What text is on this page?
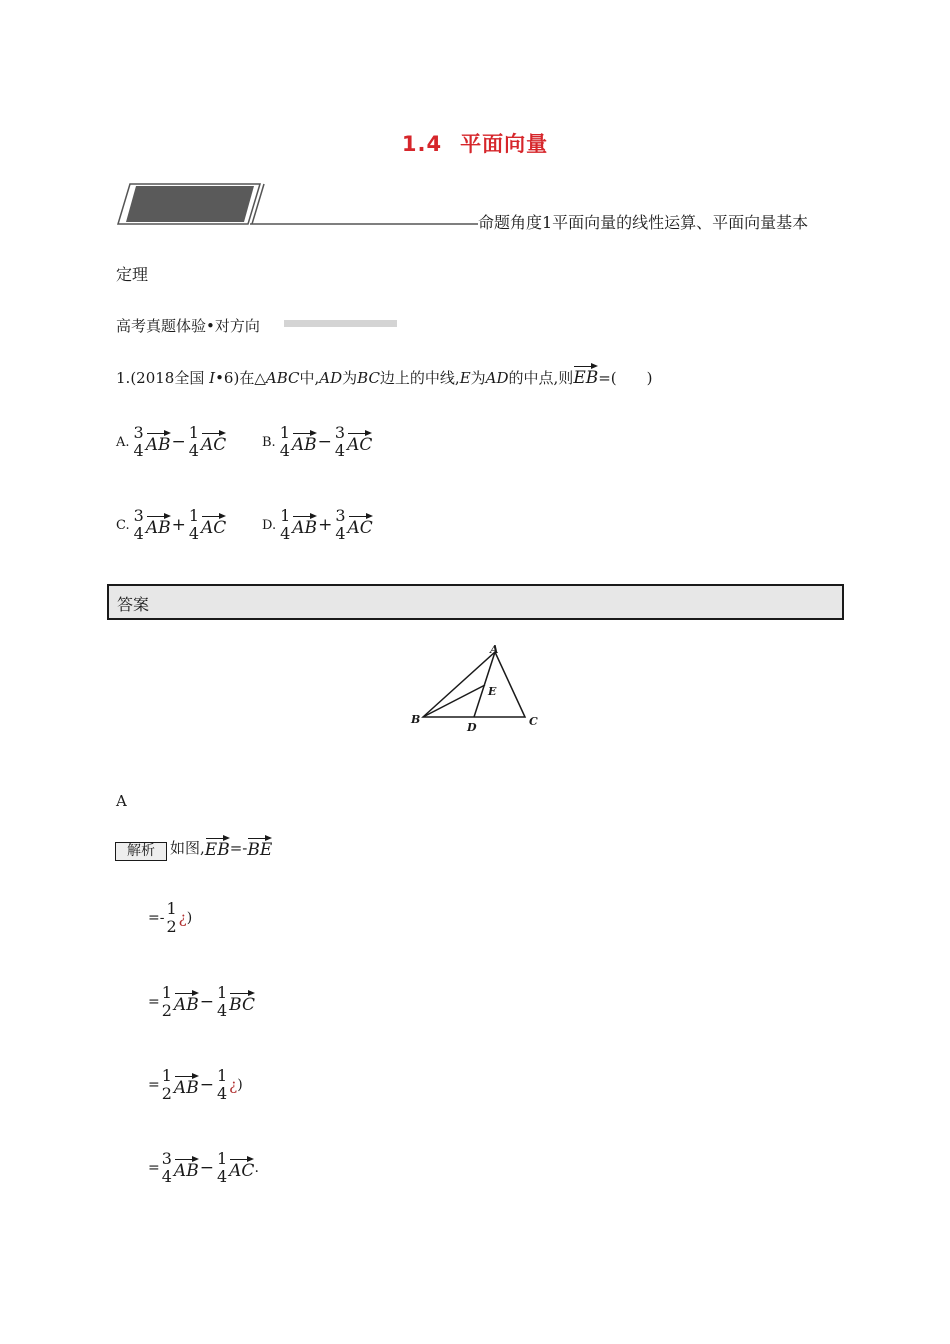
1.4 平面向量
命题角度1平面向量的线性运算、平面向量基本
定理
高考真题体验•对方向
1.(2018全国 Ⅰ•6)在△ABC中,AD为BC边上的中线,E为AD的中点,则EB=(　　)
A. 3
4 AB − 1
4 AC	B. 1
4 AB − 3
4 AC
C. 3
4 AB + 1
4 AC	D. 1
4 AB + 3
4 AC
答案
A
B	C
D
E
A
解析	如图, EB =- BE
=- 1
2 ¿ )
= 1
2 AB − 1
4 BC
= 1
2 AB − 1
4 ¿ )
= 3
4 AB − 1
4 AC .
